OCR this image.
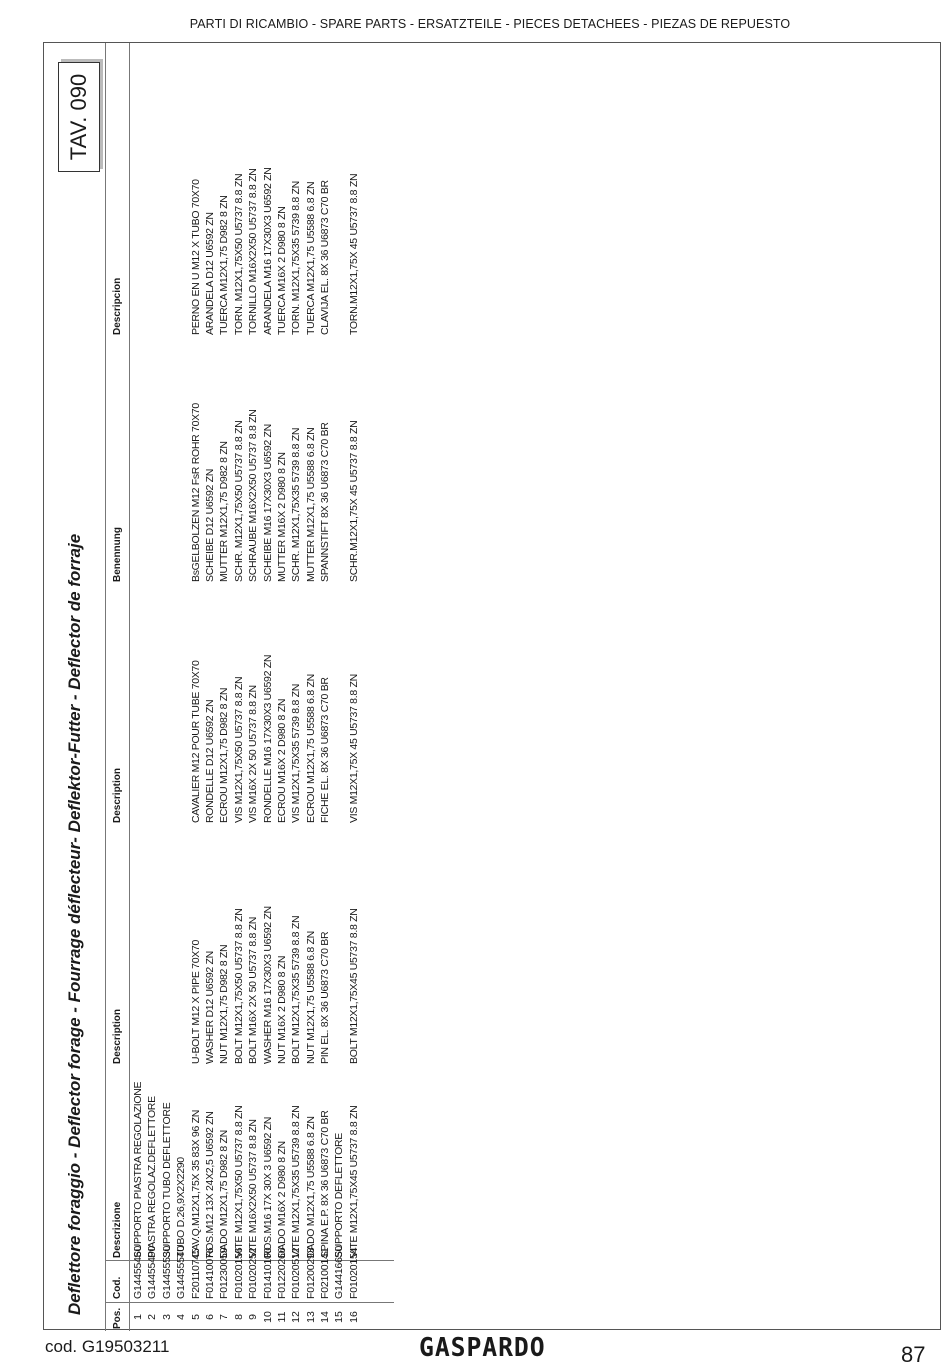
PARTI DI RICAMBIO - SPARE PARTS - ERSATZTEILE - PIECES DETACHEES - PIEZAS DE REPUESTO
Deflettore foraggio - Deflector forage - Fourrage déflecteur- Deflektor-Futter - Deflector de forraje
TAV. 090
Pos.
Cod.
Descrizione
Description
Description
Benennung
Descripcion
1
G14455460
SUPPORTO PIASTRA REGOLAZIONE
2
G14455490
PIASTRA REGOLAZ.DEFLETTORE
3
G14455530
SUPPORTO TUBO DEFLETTORE
4
G14455540
TUBO D.26,9X2X2290
5
F20110745
CAV.Q.M12X1,75X 35 83X 96 ZN
U-BOLT M12 X PIPE 70X70
CAVALIER M12 POUR TUBE 70X70
BsGELBOLZEN M12 FsR ROHR 70X70
PERNO EN U M12 X TUBO 70X70
6
F01410076
ROS.M12 13X 24X2,5 U6592 ZN
WASHER D12 U6592 ZN
RONDELLE D12 U6592 ZN
SCHEIBE D12 U6592 ZN
ARANDELA D12 U6592 ZN
7
F01230059
DADO M12X1,75 D982 8 ZN
NUT M12X1,75 D982 8 ZN
ECROU M12X1,75 D982 8 ZN
MUTTER M12X1,75 D982 8 ZN
TUERCA M12X1,75 D982 8 ZN
8
F01020156
VITE M12X1,75X50 U5737 8.8 ZN
BOLT M12X1,75X50 U5737 8.8 ZN
VIS M12X1,75X50 U5737 8.8 ZN
SCHR. M12X1,75X50 U5737 8.8 ZN
TORN. M12X1,75X50 U5737 8.8 ZN
9
F01020252
VITE M16X2X50 U5737 8.8 ZN
BOLT M16X 2X 50 U5737 8.8 ZN
VIS M16X 2X 50 U5737 8.8 ZN
SCHRAUBE M16X2X50 U5737 8.8 ZN
TORNILLO M16X2X50 U5737 8.8 ZN
10
F01410100
ROS.M16 17X 30X 3 U6592 ZN
WASHER M16 17X30X3 U6592 ZN
RONDELLE M16 17X30X3 U6592 ZN
SCHEIBE M16 17X30X3 U6592 ZN
ARANDELA M16 17X30X3 U6592 ZN
11
F01220266
DADO M16X 2 D980 8 ZN
NUT M16X 2 D980 8 ZN
ECROU M16X 2 D980 8 ZN
MUTTER M16X 2 D980 8 ZN
TUERCA M16X 2 D980 8 ZN
12
F01020512
VITE M12X1,75X35 U5739 8.8 ZN
BOLT M12X1,75X35 5739 8.8 ZN
VIS M12X1,75X35 5739 8.8 ZN
SCHR. M12X1,75X35 5739 8.8 ZN
TORN. M12X1,75X35 5739 8.8 ZN
13
F01200293
DADO M12X1,75 U5588 6.8 ZN
NUT M12X1,75 U5588 6.8 ZN
ECROU M12X1,75 U5588 6.8 ZN
MUTTER M12X1,75 U5588 6.8 ZN
TUERCA M12X1,75 U5588 6.8 ZN
14
F02100141
SPINA E.P. 8X 36 U6873 C70 BR
PIN EL. 8X 36 U6873 C70 BR
FICHE EL. 8X 36 U6873 C70 BR
SPANNSTIFT 8X 36 U6873 C70 BR
CLAVIJA EL. 8X 36 U6873 C70 BR
15
G14416650
SUPPORTO DEFLETTORE
16
F01020154
VITE M12X1,75X45 U5737 8.8 ZN
BOLT M12X1,75X45 U5737 8.8 ZN
VIS M12X1,75X 45 U5737 8.8 ZN
SCHR.M12X1,75X 45 U5737 8.8 ZN
TORN.M12X1,75X 45 U5737 8.8 ZN
cod. G19503211	GASPARDO	87
